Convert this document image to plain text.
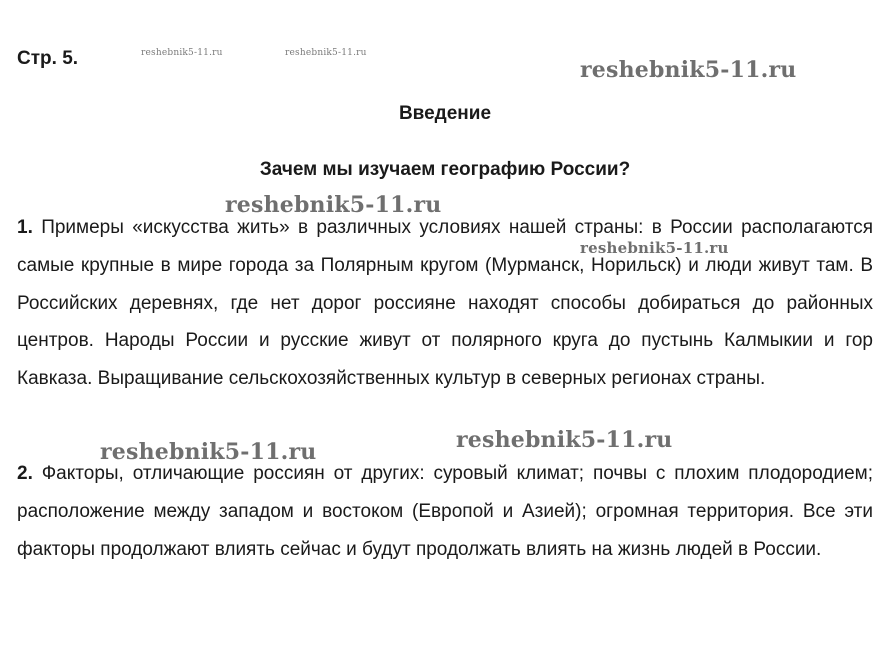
Стр. 5.	reshebnik5-11.ru	reshebnik5-11.ru
reshebnik5-11.ru
Введение
Зачем мы изучаем географию России?
reshebnik5-11.ru
reshebnik5-11.ru

1. Примеры «искусства жить» в различных условиях нашей страны: в России располагаются самые крупные в мире города за Полярным кругом (Мурманск, Норильск) и люди живут там. В Российских деревнях, где нет дорог россияне находят способы добираться до районных центров. Народы России и русские живут от полярного круга до пустынь Калмыкии и гор Кавказа. Выращивание сельскохозяйственных культур в северных регионах страны.

reshebnik5-11.ru	reshebnik5-11.ru

2. Факторы, отличающие россиян от других: суровый климат; почвы с плохим плодородием; расположение между западом и востоком (Европой и Азией); огромная территория. Все эти факторы продолжают влиять сейчас и будут продолжать влиять на жизнь людей в России.
